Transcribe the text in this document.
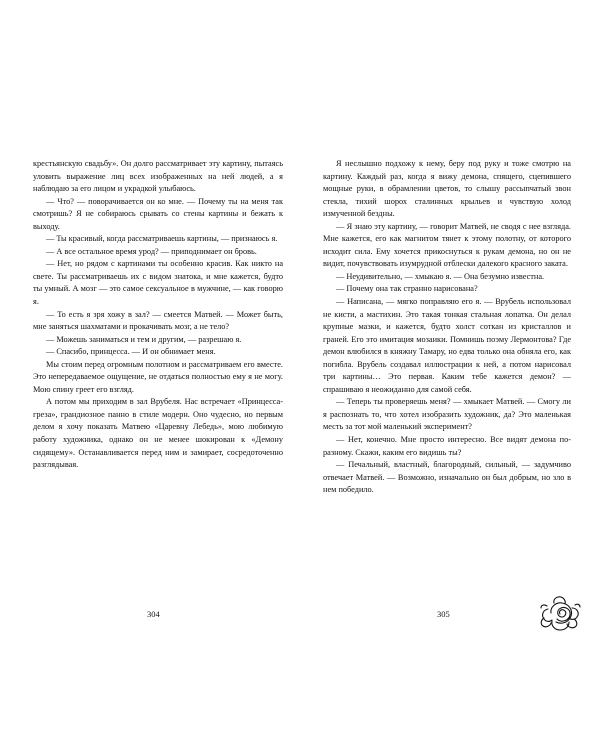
крестьянскую свадьбу». Он долго рассматривает эту картину, пытаясь уловить выражение лиц всех изображенных на ней людей, а я наблюдаю за его лицом и украдкой улыбаюсь.

— Что? — поворачивается он ко мне. — Почему ты на меня так смотришь? Я не собираюсь срывать со стены картины и бежать к выходу.

— Ты красивый, когда рассматриваешь картины, — признаюсь я.

— А все остальное время урод? — приподнимает он бровь.

— Нет, но рядом с картинами ты особенно красив. Как никто на свете. Ты рассматриваешь их с видом знатока, и мне кажется, будто ты умный. А мозг — это самое сексуальное в мужчине, — как говорю я.

— То есть я зря хожу в зал? — смеется Матвей. — Может быть, мне заняться шахматами и прокачивать мозг, а не тело?

— Можешь заниматься и тем и другим, — разрешаю я.

— Спасибо, принцесса. — И он обнимает меня.

Мы стоим перед огромным полотном и рассматриваем его вместе. Это непередаваемое ощущение, не отдаться полностью ему я не могу. Мою спину греет его взгляд.

А потом мы приходим в зал Врубеля. Нас встречает «Принцесса-греза», грандиозное панно в стиле модерн. Оно чудесно, но первым делом я хочу показать Матвею «Царевну Лебедь», мою любимую работу художника, однако он не менее шокирован к «Демону сидящему». Останавливается перед ним и замирает, сосредоточенно разглядывая.

304

Я неслышно подхожу к нему, беру под руку и тоже смотрю на картину. Каждый раз, когда я вижу демона, спящего, сцепившего мощные руки, в обрамлении цветов, то слышу рассыпчатый звон стекла, тихий шорох сталинных крыльев и чувствую холод измученной бездны.

— Я знаю эту картину, — говорит Матвей, не сводя с нее взгляда. Мне кажется, его как магнитом тянет к этому полотну, от которого исходит сила. Ему хочется прикоснуться к рукам демона, но он не видит, почувствовать изумрудной отблески далекого красного заката.

— Неудивительно, — хмыкаю я. — Она безумно известна.

— Почему она так странно нарисована?

— Написана, — мягко поправляю его я. — Врубель использовал не кисти, а мастихин. Это такая тонкая стальная лопатка. Он делал крупные мазки, и кажется, будто холст соткан из кристаллов и граней. Его это имитация мозаики. Помнишь поэму Лермонтова? Где демон влюбился в княжну Тамару, но едва только она обняла его, как погибла. Врубель создавал иллюстрации к ней, а потом нарисовал три картины… Это первая. Каким тебе кажется демон? — спрашиваю я неожиданно для самой себя.

— Теперь ты проверяешь меня? — хмыкает Матвей. — Смогу ли я распознать то, что хотел изобразить художник, да? Это маленькая месть за тот мой маленький эксперимент?

— Нет, конечно. Мне просто интересно. Все видят демона по-разному. Скажи, каким его видишь ты?

— Печальный, властный, благородный, сильный, — задумчиво отвечает Матвей. — Возможно, изначально он был добрым, но зло в нем победило.

305
